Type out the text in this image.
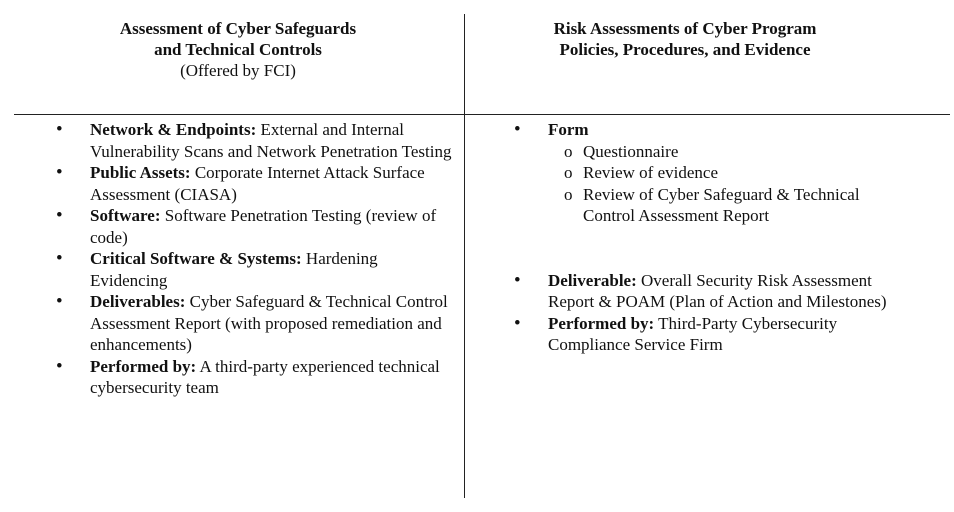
Assessment of Cyber Safeguards
and Technical Controls
(Offered by FCI)
Risk Assessments of Cyber Program
Policies, Procedures, and Evidence
• Network & Endpoints: External and Internal Vulnerability Scans and Network Penetration Testing
• Public Assets: Corporate Internet Attack Surface Assessment (CIASA)
• Software: Software Penetration Testing (review of code)
• Critical Software & Systems: Hardening Evidencing
• Deliverables: Cyber Safeguard & Technical Control Assessment Report (with proposed remediation and enhancements)
• Performed by: A third-party experienced technical cybersecurity team
• Form
o Questionnaire
o Review of evidence
o Review of Cyber Safeguard & Technical Control Assessment Report
• Deliverable: Overall Security Risk Assessment Report & POAM (Plan of Action and Milestones)
• Performed by: Third-Party Cybersecurity Compliance Service Firm
